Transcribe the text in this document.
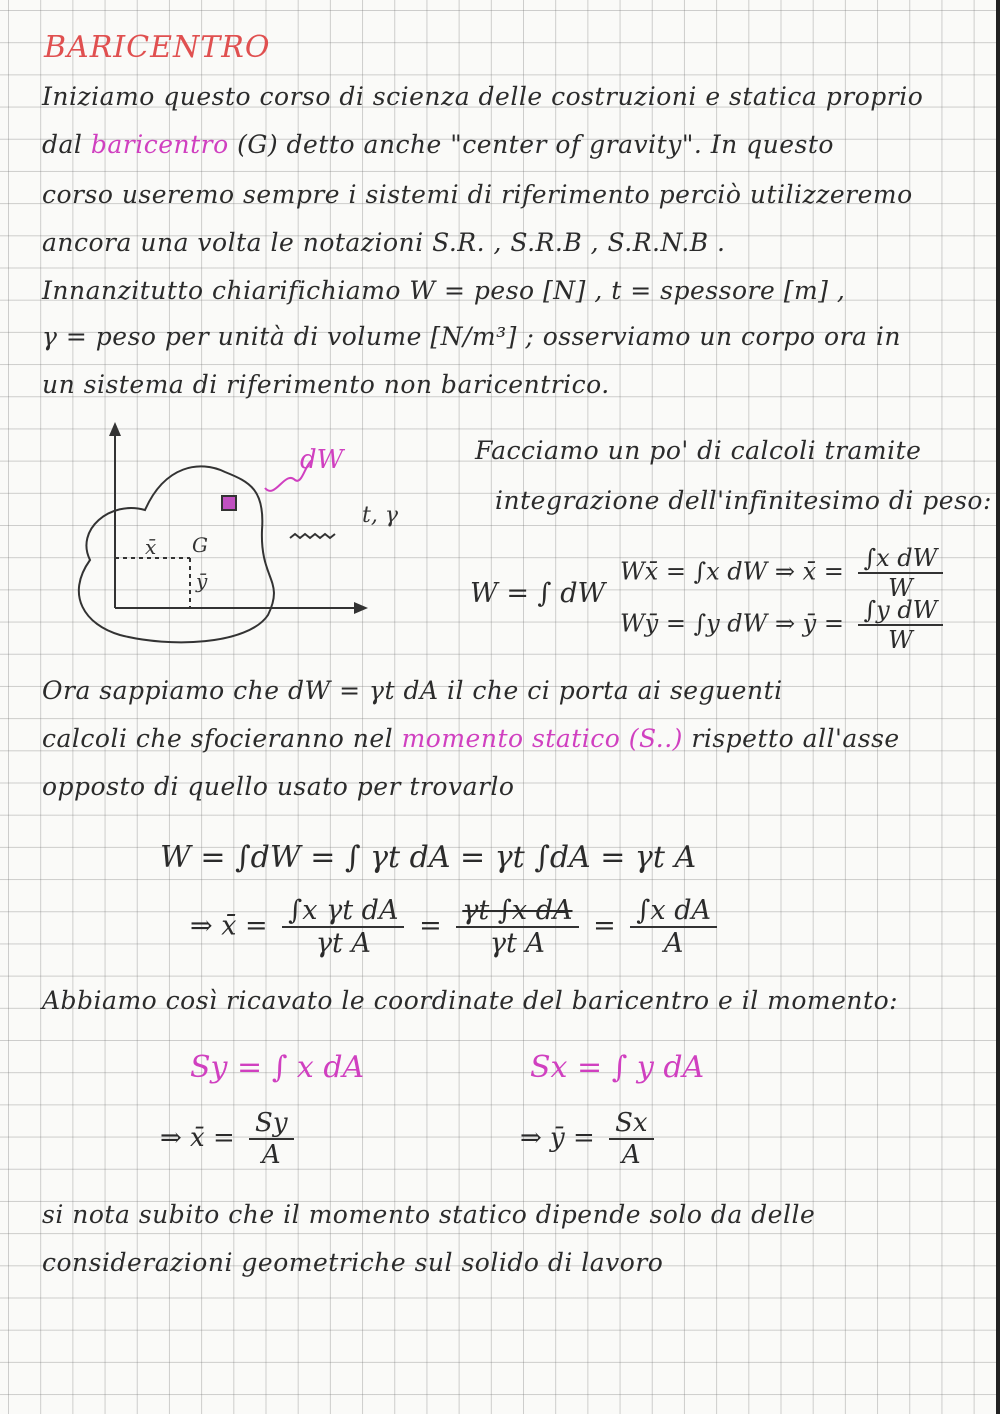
BARICENTRO
Iniziamo questo corso di scienza delle costruzioni e statica proprio
dal baricentro (G) detto anche "center of gravity". In questo
corso useremo sempre i sistemi di riferimento perciò utilizzeremo
ancora una volta le notazioni S.R. , S.R.B , S.R.N.B .
Innanzitutto chiarifichiamo W = peso [N] , t = spessore [m] ,
γ = peso per unità di volume [N/m³] ; osserviamo un corpo ora in
un sistema di riferimento non baricentrico.
dW
t, γ
G
x̄
ȳ
Facciamo un po' di calcoli tramite
integrazione dell'infinitesimo di peso:
W = ∫ dW
Wx̄ = ∫x dW ⇒ x̄ = $\frac{\text{∫x dW}}{W}$
Wȳ = ∫y dW ⇒ ȳ = $\frac{\text{∫y dW}}{W}$
Ora sappiamo che dW = γt dA il che ci porta ai seguenti
calcoli che sfocieranno nel momento statico (S..) rispetto all'asse
opposto di quello usato per trovarlo
W = ∫dW = ∫ γt dA = γt ∫dA = γt A
⇒ x̄ = $\frac{\text{∫x γt dA}}{\text{γt A}} = \frac{\text{γt ∫x dA}}{\text{γt A}} = \frac{\text{∫x dA}}{A}$
Abbiamo così ricavato le coordinate del baricentro e il momento:
Sy = ∫ x dA	Sx = ∫ y dA
⇒ x̄ = $\frac{Sy}{A}$	⇒ ȳ = $\frac{Sx}{A}$
si nota subito che il momento statico dipende solo da delle
considerazioni geometriche sul solido di lavoro
